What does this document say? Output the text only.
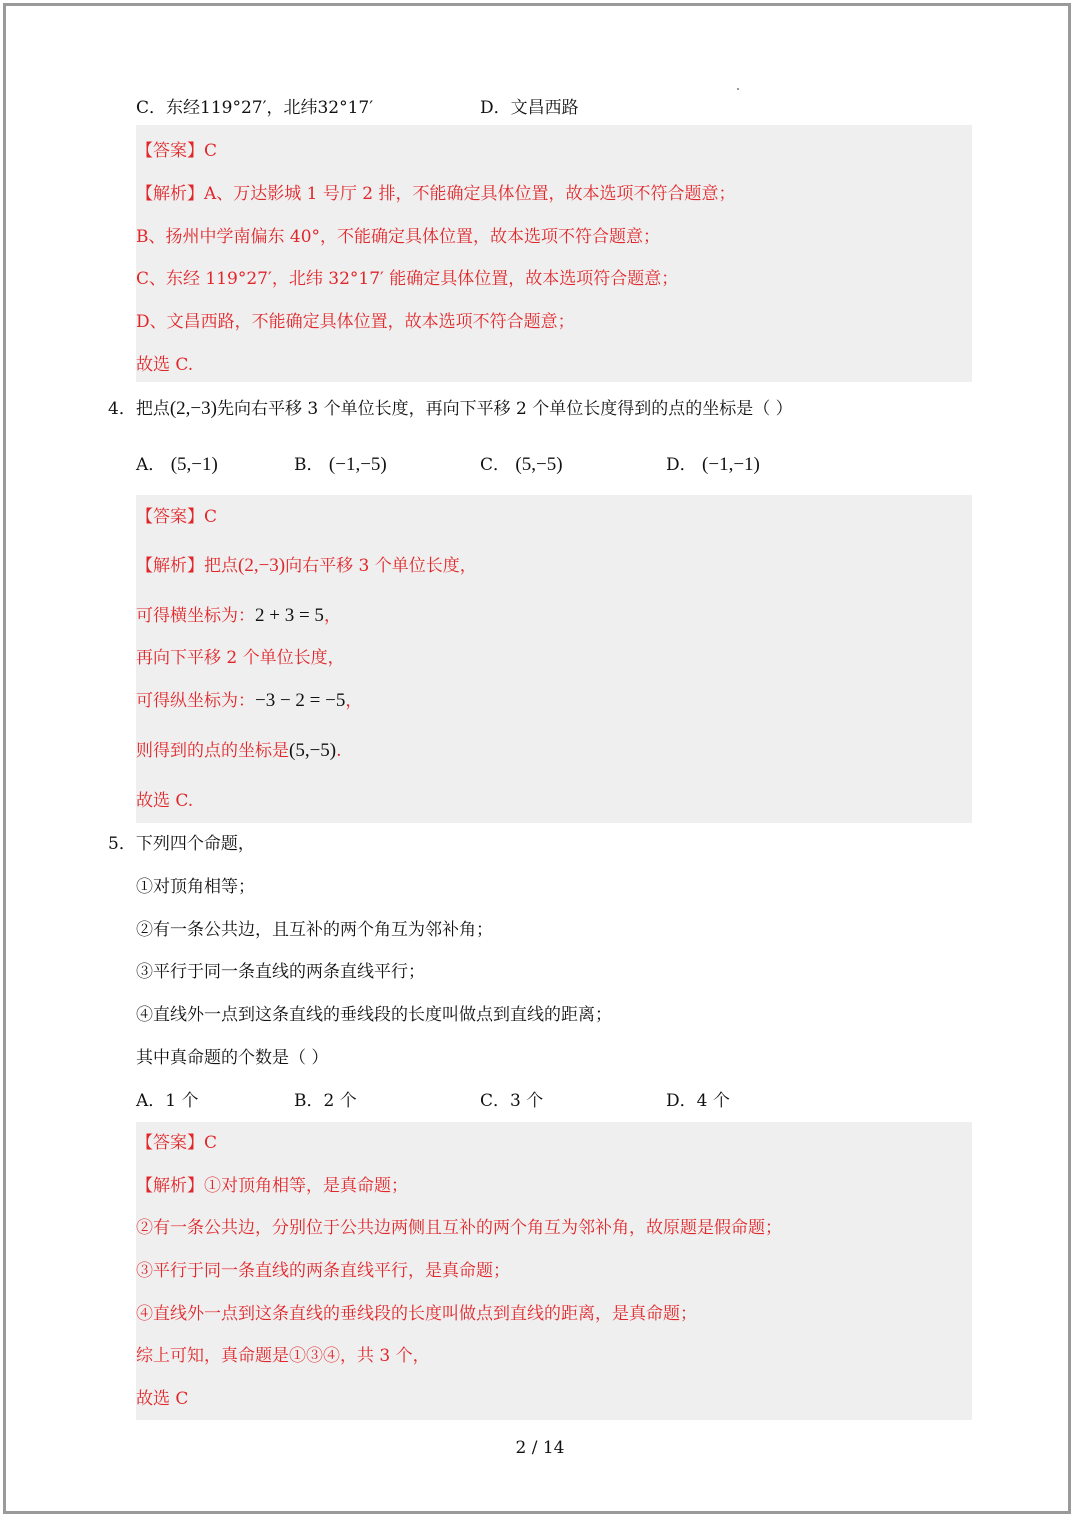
C．东经119°27′，北纬32°17′	D．文昌西路
【答案】C
【解析】A、万达影城 1 号厅 2 排，不能确定具体位置，故本选项不符合题意；
B、扬州中学南偏东 40°，不能确定具体位置，故本选项不符合题意；
C、东经 119°27′，北纬 32°17′ 能确定具体位置，故本选项符合题意；
D、文昌西路，不能确定具体位置，故本选项不符合题意；
故选 C.
4．把点(2,−3)先向右平移 3 个单位长度，再向下平移 2 个单位长度得到的点的坐标是（ ）
A． (5,−1)	B． (−1,−5)	C． (5,−5)	D． (−1,−1)
【答案】C
【解析】把点(2,−3)向右平移 3 个单位长度，
可得横坐标为：2 + 3 = 5，
再向下平移 2 个单位长度，
可得纵坐标为：−3 − 2 = −5，
则得到的点的坐标是(5,−5).
故选 C.
5．下列四个命题，
①对顶角相等；
②有一条公共边，且互补的两个角互为邻补角；
③平行于同一条直线的两条直线平行；
④直线外一点到这条直线的垂线段的长度叫做点到直线的距离；
其中真命题的个数是（ ）
A．1 个	B．2 个	C．3 个	D．4 个
【答案】C
【解析】①对顶角相等，是真命题；
②有一条公共边，分别位于公共边两侧且互补的两个角互为邻补角，故原题是假命题；
③平行于同一条直线的两条直线平行，是真命题；
④直线外一点到这条直线的垂线段的长度叫做点到直线的距离，是真命题；
综上可知，真命题是①③④，共 3 个，
故选 C
2 / 14
